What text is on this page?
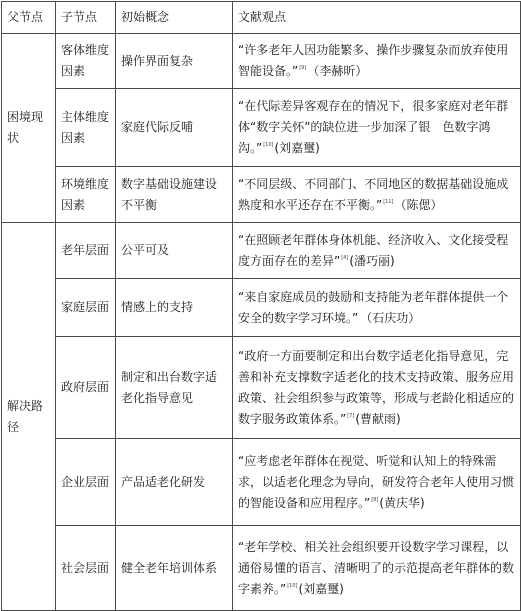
父节点	子节点	初始概念	文献观点
困境现状	客体维度因素	操作界面复杂	“许多老年人因功能繁多、操作步骤复杂而放弃使用智能设备。”[9]（李赫昕）
	主体维度因素	家庭代际反哺	“在代际差异客观存在的情况下，很多家庭对老年群体“数字关怀”的缺位进一步加深了银　色数字鸿沟。”[10](刘嘉璽)
	环境维度因素	数字基础设施建设不平衡	“不同层级、不同部门、不同地区的数据基础设施成熟度和水平还存在不平衡。”[11]（陈偲）
解决路径	老年层面	公平可及	“在照顾老年群体身体机能、经济收入、文化接受程度方面存在的差异”[4](潘巧丽)
	家庭层面	情感上的支持	“来自家庭成员的鼓励和支持能为老年群体提供一个安全的数字学习环境。” （石庆功）
	政府层面	制定和出台数字适老化指导意见	“政府一方面要制定和出台数字适老化指导意见，完善和补充支撑数字适老化的技术支持政策、服务应用政策、社会组织参与政策等，形成与老龄化相适应的数字服务政策体系。”[7](曹献雨)
	企业层面	产品适老化研发	“应考虑老年群体在视觉、听觉和认知上的特殊需求，以适老化理念为导向，研发符合老年人使用习惯的智能设备和应用程序。”[8](黄庆华)
	社会层面	健全老年培训体系	“老年学校、相关社会组织要开设数字学习课程，以通俗易懂的语言、清晰明了的示范提高老年群体的数字素养。”[10](刘嘉璽)
